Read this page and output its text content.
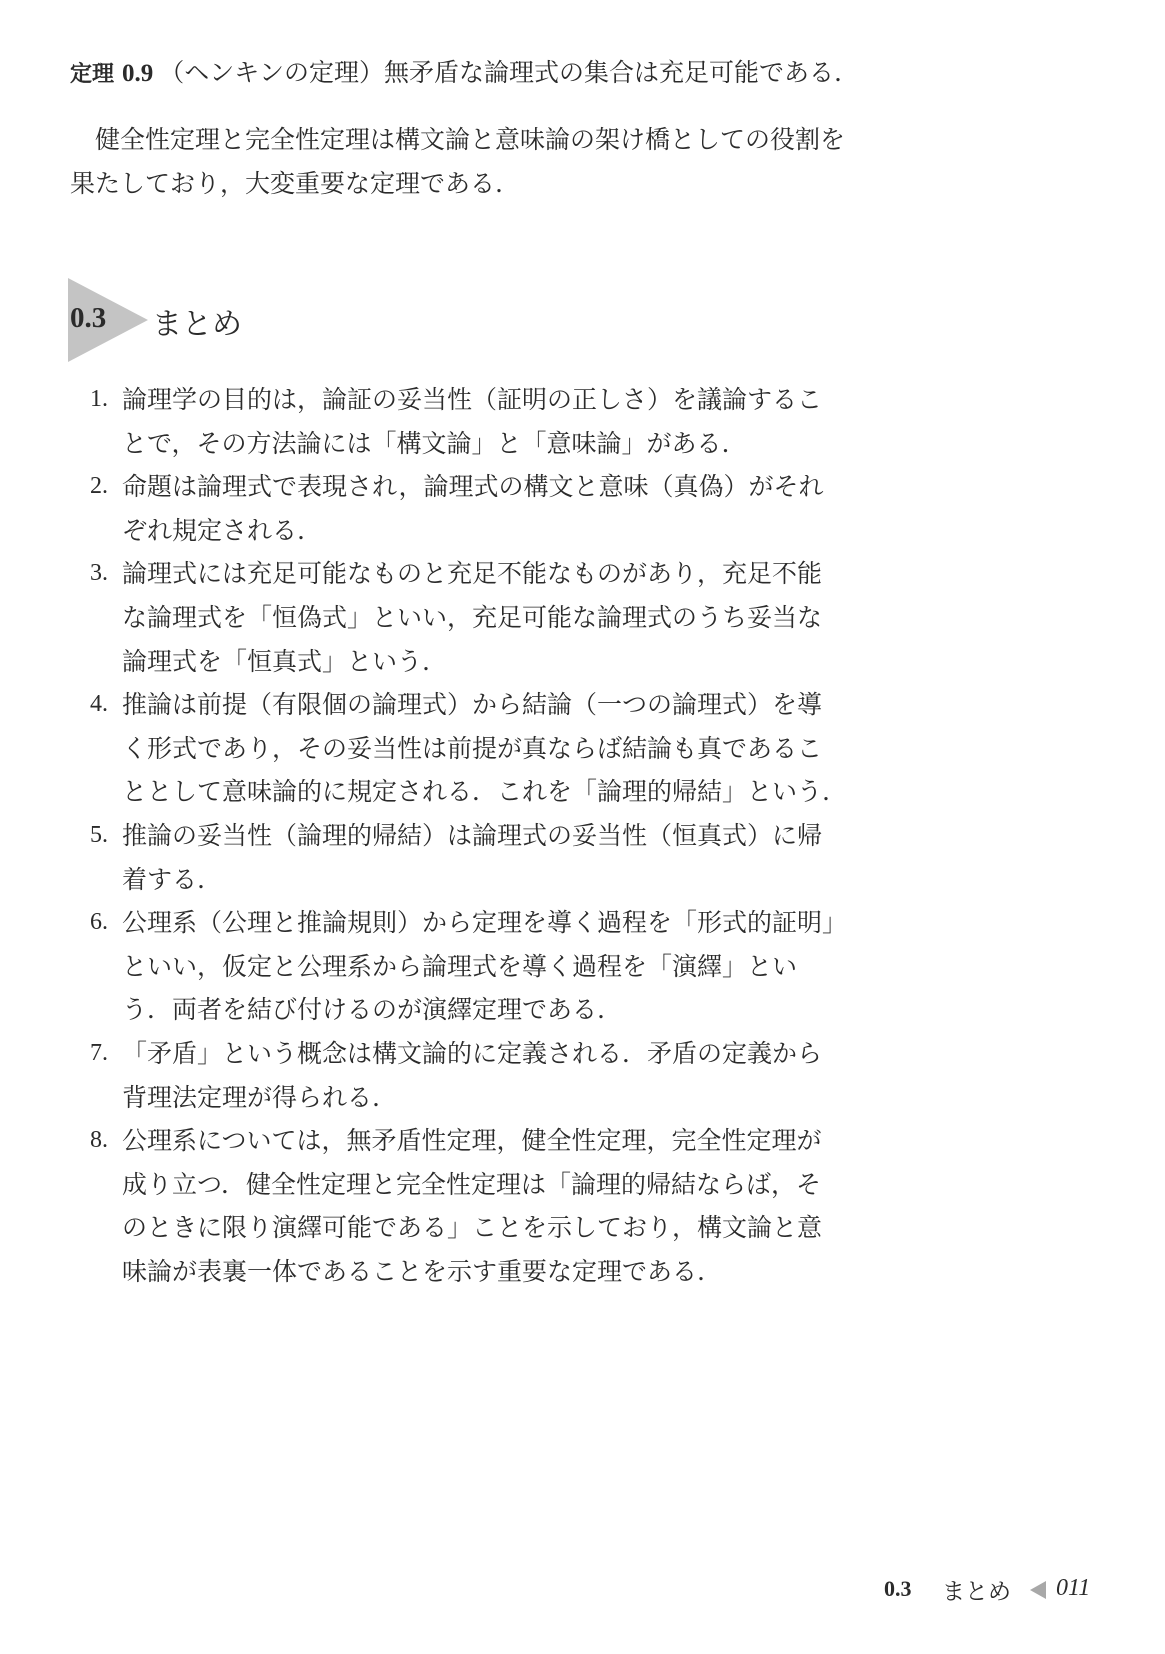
定理 0.9 （ヘンキンの定理）無矛盾な論理式の集合は充足可能である.

健全性定理と完全性定理は構文論と意味論の架け橋としての役割を果たしており，大変重要な定理である.

0.3 まとめ
1. 論理学の目的は，論証の妥当性（証明の正しさ）を議論することで，その方法論には「構文論」と「意味論」がある.
2. 命題は論理式で表現され，論理式の構文と意味（真偽）がそれぞれ規定される.
3. 論理式には充足可能なものと充足不能なものがあり，充足不能な論理式を「恒偽式」といい，充足可能な論理式のうち妥当な論理式を「恒真式」という.
4. 推論は前提（有限個の論理式）から結論（一つの論理式）を導く形式であり，その妥当性は前提が真ならば結論も真であることとして意味論的に規定される．これを「論理的帰結」という.
5. 推論の妥当性（論理的帰結）は論理式の妥当性（恒真式）に帰着する.
6. 公理系（公理と推論規則）から定理を導く過程を「形式的証明」といい，仮定と公理系から論理式を導く過程を「演繹」という．両者を結び付けるのが演繹定理である.
7. 「矛盾」という概念は構文論的に定義される．矛盾の定義から背理法定理が得られる.
8. 公理系については，無矛盾性定理，健全性定理，完全性定理が成り立つ．健全性定理と完全性定理は「論理的帰結ならば，そのときに限り演繹可能である」ことを示しており，構文論と意味論が表裏一体であることを示す重要な定理である.
0.3 まとめ 011
